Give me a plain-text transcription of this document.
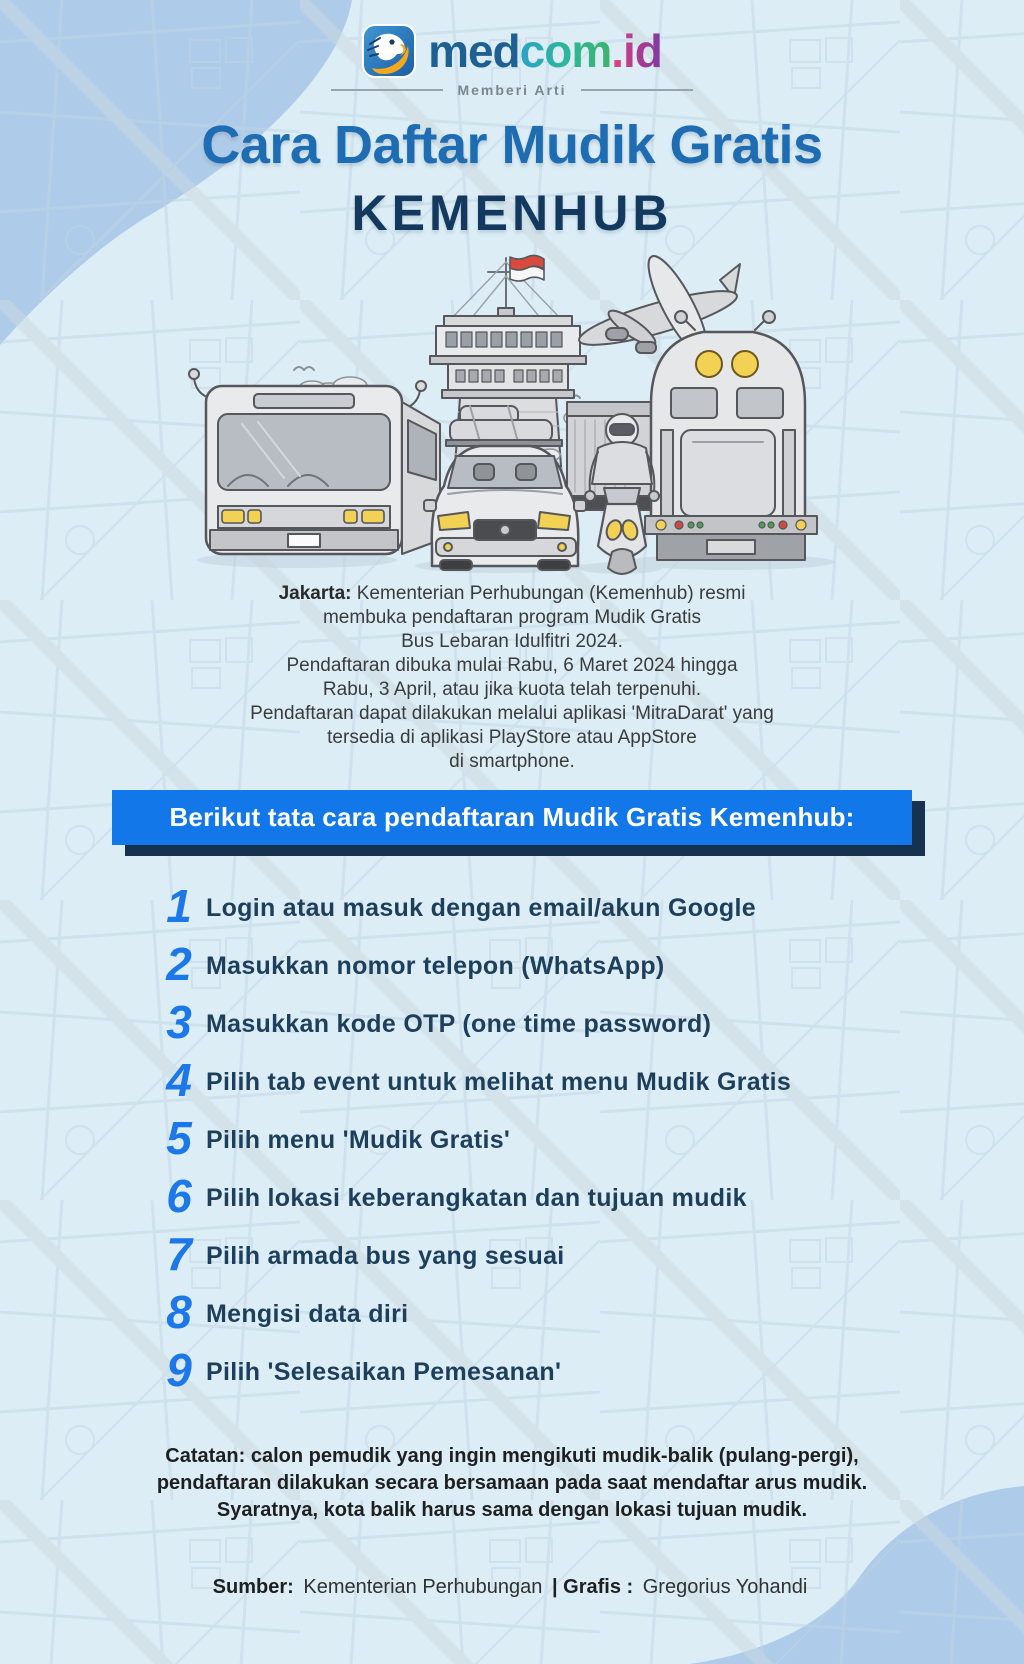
medcom.id
Memberi Arti
Cara Daftar Mudik Gratis
KEMENHUB
Jakarta: Kementerian Perhubungan (Kemenhub) resmi
membuka pendaftaran program Mudik Gratis
Bus Lebaran Idulfitri 2024.
Pendaftaran dibuka mulai Rabu, 6 Maret 2024 hingga
Rabu, 3 April, atau jika kuota telah terpenuhi.
Pendaftaran dapat dilakukan melalui aplikasi 'MitraDarat' yang
tersedia di aplikasi PlayStore atau AppStore
di smartphone.
Berikut tata cara pendaftaran Mudik Gratis Kemenhub:
1 Login atau masuk dengan email/akun Google
2 Masukkan nomor telepon (WhatsApp)
3 Masukkan kode OTP (one time password)
4 Pilih tab event untuk melihat menu Mudik Gratis
5 Pilih menu 'Mudik Gratis'
6 Pilih lokasi keberangkatan dan tujuan mudik
7 Pilih armada bus yang sesuai
8 Mengisi data diri
9 Pilih 'Selesaikan Pemesanan'
Catatan: calon pemudik yang ingin mengikuti mudik-balik (pulang-pergi),
pendaftaran dilakukan secara bersamaan pada saat mendaftar arus mudik.
Syaratnya, kota balik harus sama dengan lokasi tujuan mudik.
Sumber: Kementerian Perhubungan | Grafis : Gregorius Yohandi
